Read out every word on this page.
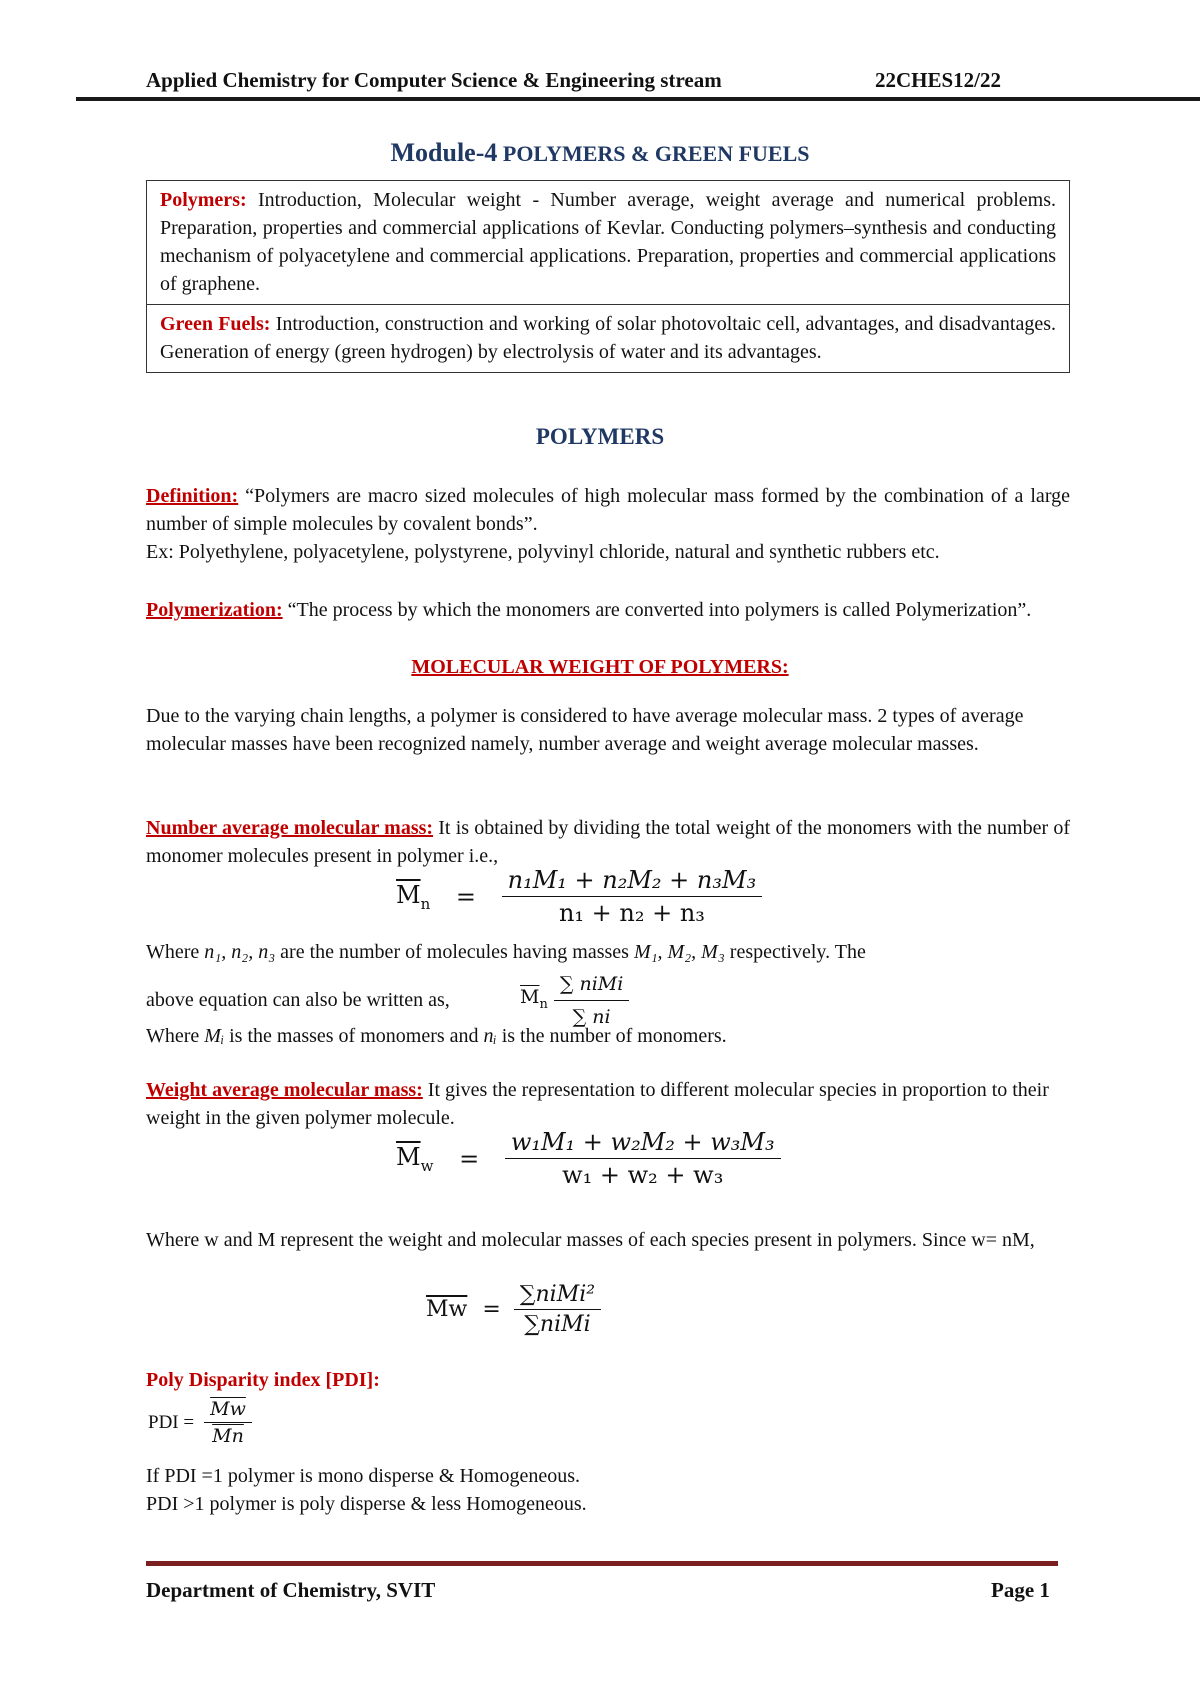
Applied Chemistry for Computer Science & Engineering stream	22CHES12/22
Module-4 POLYMERS & GREEN FUELS
Polymers: Introduction, Molecular weight - Number average, weight average and numerical problems. Preparation, properties and commercial applications of Kevlar. Conducting polymers–synthesis and conducting mechanism of polyacetylene and commercial applications. Preparation, properties and commercial applications of graphene.
Green Fuels: Introduction, construction and working of solar photovoltaic cell, advantages, and disadvantages. Generation of energy (green hydrogen) by electrolysis of water and its advantages.
POLYMERS
Definition: “Polymers are macro sized molecules of high molecular mass formed by the combination of a large number of simple molecules by covalent bonds”.
Ex: Polyethylene, polyacetylene, polystyrene, polyvinyl chloride, natural and synthetic rubbers etc.
Polymerization: “The process by which the monomers are converted into polymers is called Polymerization”.
MOLECULAR WEIGHT OF POLYMERS:
Due to the varying chain lengths, a polymer is considered to have average molecular mass. 2 types of average molecular masses have been recognized namely, number average and weight average molecular masses.
Number average molecular mass: It is obtained by dividing the total weight of the monomers with the number of monomer molecules present in polymer i.e.,
$\overline{M}_n = \frac{\text{n₁M₁ + n₂M₂ + n₃M₃}}{\text{n₁ + n₂ + n₃}}$
Where n₁, n₂, n₃ are the number of molecules having masses M₁, M₂, M₃ respectively. The
above equation can also be written as,	$\overline{M}_n \frac{\text{∑ niMi}}{\sum ni}$
Where Mᵢ is the masses of monomers and nᵢ is the number of monomers.
Weight average molecular mass: It gives the representation to different molecular species in proportion to their weight in the given polymer molecule.
$\overline{M}_w = \frac{\text{w₁M₁ + w₂M₂ + w₃M₃}}{\text{w₁ + w₂ + w₃}}$
Where w and M represent the weight and molecular masses of each species present in polymers. Since w= nM,
$\overline{Mw} = \frac{\text{∑niMi²}}{\text{∑niMi}}$
Poly Disparity index [PDI]:
PDI = $\frac{\overline{Mw}}{Mn}$
If PDI =1 polymer is mono disperse & Homogeneous.
PDI >1 polymer is poly disperse & less Homogeneous.
Department of Chemistry, SVIT	Page 1
